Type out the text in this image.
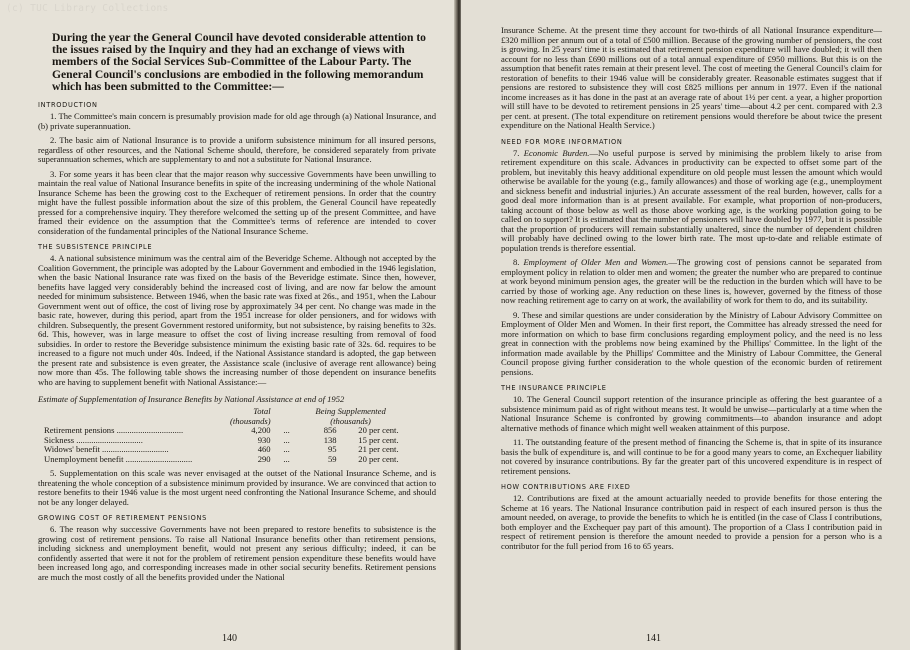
(c) TUC Library Collections
During the year the General Council have devoted considerable attention to the issues raised by the Inquiry and they had an exchange of views with members of the Social Services Sub-Committee of the Labour Party. The General Council's conclusions are embodied in the following memorandum which has been submitted to the Committee:—
INTRODUCTION

1. The Committee's main concern is presumably provision made for old age through (a) National Insurance, and (b) private superannuation.

2. The basic aim of National Insurance is to provide a uniform subsistence minimum for all insured persons, regardless of other resources, and the National Scheme should, therefore, be considered separately from private superannuation schemes, which are supplementary to and not a substitute for National Insurance.

3. For some years it has been clear that the major reason why successive Governments have been unwilling to maintain the real value of National Insurance benefits in spite of the increasing undermining of the whole National Insurance Scheme has been the growing cost to the Exchequer of retirement pensions. In order that the country might have the fullest possible information about the size of this problem, the General Council have repeatedly pressed for a comprehensive inquiry. They therefore welcomed the setting up of the present Committee, and have framed their evidence on the assumption that the Committee's terms of reference are intended to cover consideration of the fundamental principles of the National Insurance Scheme.

THE SUBSISTENCE PRINCIPLE

4. A national subsistence minimum was the central aim of the Beveridge Scheme. Although not accepted by the Coalition Government, the principle was adopted by the Labour Government and embodied in the 1946 legislation, when the basic National Insurance rate was fixed on the basis of the Beveridge estimate. Since then, however, benefits have lagged very considerably behind the increased cost of living, and are now far below the amount needed for minimum subsistence. Between 1946, when the basic rate was fixed at 26s., and 1951, when the Labour Government went out of office, the cost of living rose by approximately 34 per cent. No change was made in the basic rate, however, during this period, apart from the 1951 increase for older pensioners, and for widows with children. Subsequently, the present Government restored uniformity, but not subsistence, by raising benefits to 32s. 6d. This, however, was in large measure to offset the cost of living increase resulting from removal of food subsidies. In order to restore the Beveridge subsistence minimum the existing basic rate of 32s. 6d. requires to be increased to a figure not much under 40s. Indeed, if the National Assistance standard is adopted, the gap between the present rate and subsistence is even greater, the Assistance scale (inclusive of average rent allowance) being now more than 45s. The following table shows the increasing number of those dependent on insurance benefits who are having to supplement benefit with National Assistance:—

Estimate of Supplementation of Insurance Benefits by National Assistance at end of 1952
	Total		Being Supplemented	
	(thousands)		(thousands)	
Retirement pensions ...............................	4,200	...	856	20 per cent.
Sickness ...............................	930	...	138	15 per cent.
Widows' benefit ...............................	460	...	95	21 per cent.
Unemployment benefit ...............................	290	...	59	20 per cent.

5. Supplementation on this scale was never envisaged at the outset of the National Insurance Scheme, and is threatening the whole conception of a subsistence minimum provided by insurance. We are convinced that action to restore benefits to their 1946 value is the most urgent need confronting the National Insurance Scheme, and should not be any longer delayed.

GROWING COST OF RETIREMENT PENSIONS

6. The reason why successive Governments have not been prepared to restore benefits to subsistence is the growing cost of retirement pensions. To raise all National Insurance benefits other than retirement pensions, including sickness and unemployment benefit, would not present any serious difficulty; indeed, it can be confidently asserted that were it not for the problem of retirement pension expenditure these benefits would have been increased long ago, and corresponding increases made in other social security benefits. Retirement pensions are much the most costly of all the benefits provided under the National

140

Insurance Scheme. At the present time they account for two-thirds of all National Insurance expenditure—£320 million per annum out of a total of £500 million. Because of the growing number of pensioners, the cost is growing. In 25 years' time it is estimated that retirement pension expenditure will have doubled; it will then account for no less than £690 millions out of a total annual expenditure of £950 millions. But this is on the assumption that benefit rates remain at their present level. The cost of meeting the General Council's claim for restoration of benefits to their 1946 value will be considerably greater. Reasonable estimates suggest that if pensions are restored to subsistence they will cost £825 millions per annum in 1977. Even if the national income increases as it has done in the past at an average rate of about 1½ per cent. a year, a higher proportion will still have to be devoted to retirement pensions in 25 years' time—about 4.2 per cent. compared with 2.3 per cent. at present. (The total expenditure on retirement pensions would therefore be about twice the present expenditure on the National Health Service.)

NEED FOR MORE INFORMATION

7. Economic Burden.—No useful purpose is served by minimising the problem likely to arise from retirement expenditure on this scale. Advances in productivity can be expected to offset some part of the problem, but inevitably this heavy additional expenditure on old people must lessen the amount which would otherwise be available for the young (e.g., family allowances) and those of working age (e.g., unemployment and sickness benefit and industrial injuries.) An accurate assessment of the real burden, however, calls for a good deal more information than is at present available. For example, what proportion of non-producers, taking account of those below as well as those above working age, is the working population going to be called on to support? It is estimated that the number of pensioners will have doubled by 1977, but it is possible that the proportion of producers will remain substantially unaltered, since the number of dependent children will probably have declined owing to the lower birth rate. The most up-to-date and reliable estimate of population trends is therefore essential.

8. Employment of Older Men and Women.—The growing cost of pensions cannot be separated from employment policy in relation to older men and women; the greater the number who are prepared to continue at work beyond minimum pension ages, the greater will be the reduction in the burden which will have to be carried by those of working age. Any reduction on these lines is, however, governed by the fitness of those now reaching retirement age to carry on at work, the availability of work for them to do, and its suitability.

9. These and similar questions are under consideration by the Ministry of Labour Advisory Committee on Employment of Older Men and Women. In their first report, the Committee has already stressed the need for more information on which to base firm conclusions regarding employment policy, and the need is no less great in connection with the problems now being examined by the Phillips' Committee. In the light of the information made available by the Phillips' Committee and the Ministry of Labour Committee, the General Council propose giving further consideration to the whole question of the economic burden of retirement pensions.

THE INSURANCE PRINCIPLE

10. The General Council support retention of the insurance principle as offering the best guarantee of a subsistence minimum paid as of right without means test. It would be unwise—particularly at a time when the National Insurance Scheme is confronted by growing commitments—to abandon insurance and adopt alternative methods of finance which might well weaken attainment of this purpose.

11. The outstanding feature of the present method of financing the Scheme is, that in spite of its insurance basis the bulk of expenditure is, and will continue to be for a good many years to come, an Exchequer liability not covered by insurance contributions. By far the greater part of this uncovered expenditure is in respect of retirement pensions.

HOW CONTRIBUTIONS ARE FIXED

12. Contributions are fixed at the amount actuarially needed to provide benefits for those entering the Scheme at 16 years. The National Insurance contribution paid in respect of each insured person is thus the amount needed, on average, to provide the benefits to which he is entitled (in the case of Class I contributions, both employer and the Exchequer pay part of this amount). The proportion of a Class I contribution paid in respect of retirement pension is therefore the amount needed to provide a pension for a person who is a contributor for the full period from 16 to 65 years.

141
